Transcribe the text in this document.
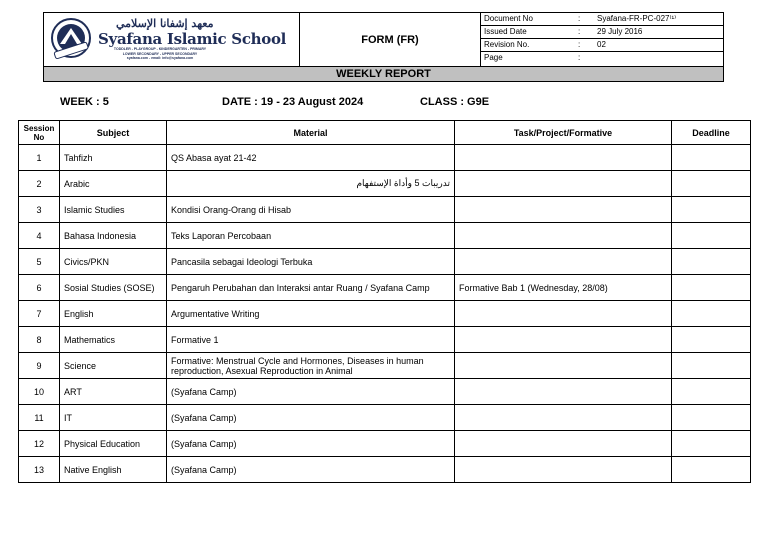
معهد إشفانا الإسلامي
Syafana Islamic School
TODDLER - PLAYGROUP - KINDERGARTEN - PRIMARY
LOWER SECONDARY - UPPER SECONDARY
syafana.com - email: info@syafana.com
FORM (FR)
Document No	: Syafana-FR-PC-027⁽¹⁾
Issued Date	: 29 July 2016
Revision No.	: 02
Page	:
WEEKLY REPORT
WEEK : 5	DATE : 19 - 23 August 2024	CLASS : G9E
Session No	Subject	Material	Task/Project/Formative	Deadline
1	Tahfizh	QS Abasa ayat 21-42		
2	Arabic	تدريبات 5 وأداة الإستفهام		
3	Islamic Studies	Kondisi Orang-Orang di Hisab		
4	Bahasa Indonesia	Teks Laporan Percobaan		
5	Civics/PKN	Pancasila sebagai Ideologi Terbuka		
6	Sosial Studies (SOSE)	Pengaruh Perubahan dan Interaksi antar Ruang / Syafana Camp	Formative Bab 1 (Wednesday, 28/08)	
7	English	Argumentative Writing		
8	Mathematics	Formative 1		
9	Science	Formative: Menstrual Cycle and Hormones, Diseases in human reproduction, Asexual Reproduction in Animal		
10	ART	(Syafana Camp)		
11	IT	(Syafana Camp)		
12	Physical Education	(Syafana Camp)		
13	Native English	(Syafana Camp)		
